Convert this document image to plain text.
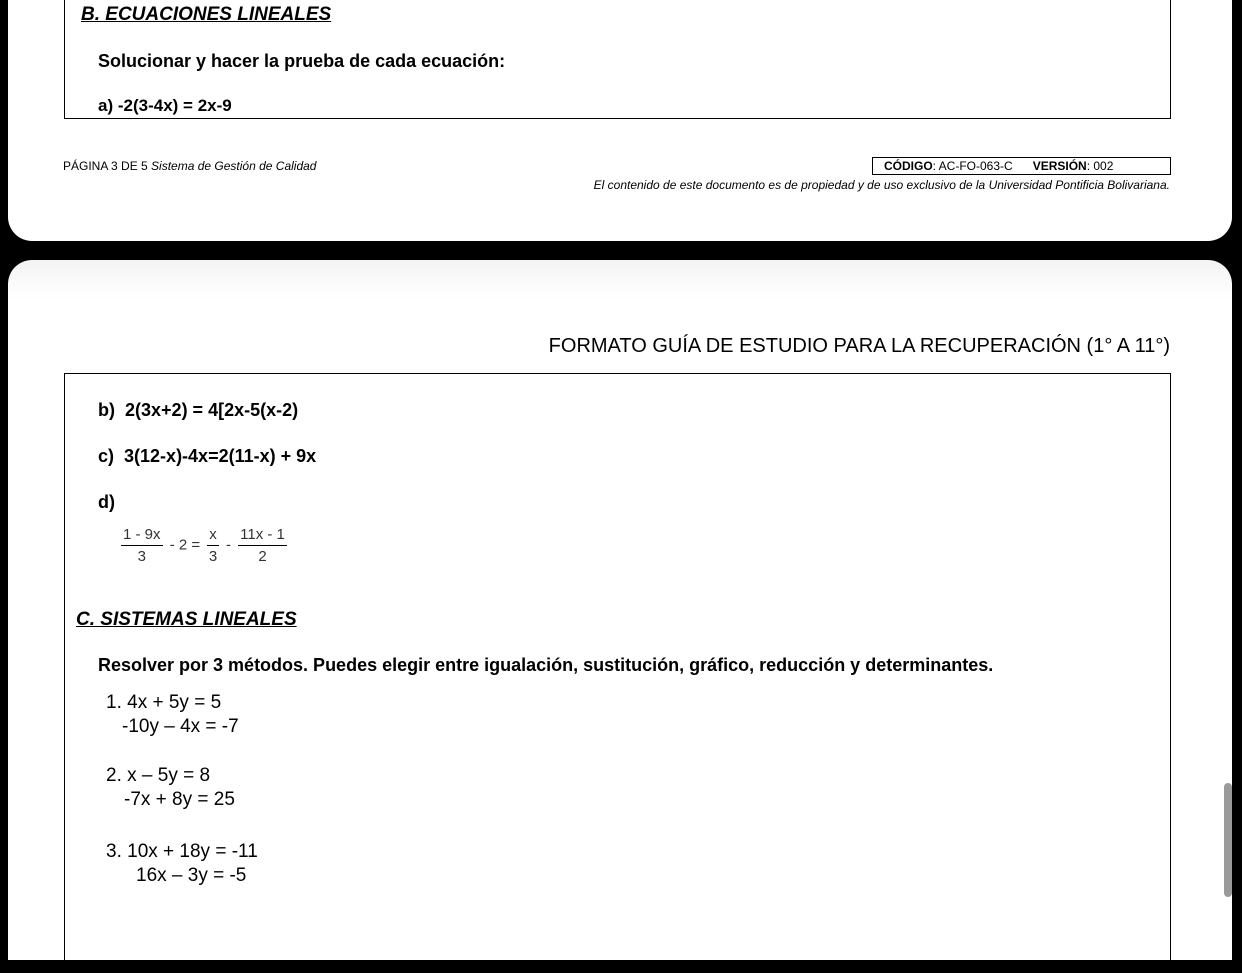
B. ECUACIONES LINEALES
Solucionar y hacer la prueba de cada ecuación:
a) -2(3-4x) = 2x-9
PÁGINA 3 DE 5 Sistema de Gestión de Calidad	CÓDIGO: AC-FO-063-C VERSIÓN: 002
El contenido de este documento es de propiedad y de uso exclusivo de la Universidad Pontificia Bolivariana.
FORMATO GUÍA DE ESTUDIO PARA LA RECUPERACIÓN (1° A 11°)
b) 2(3x+2) = 4[2x-5(x-2)
c) 3(12-x)-4x=2(11-x) + 9x
d)
$\frac{1 - 9x}{3} - 2 = \frac{x}{3} - \frac{11x - 1}{2}$
C. SISTEMAS LINEALES
Resolver por 3 métodos. Puedes elegir entre igualación, sustitución, gráfico, reducción y determinantes.
1. 4x + 5y = 5
-10y – 4x = -7
2. x – 5y = 8
-7x + 8y = 25
3. 10x + 18y = -11
16x – 3y = -5
